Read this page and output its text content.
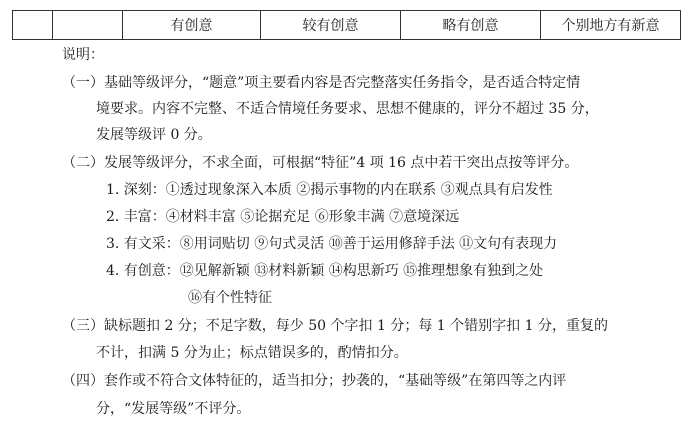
		有创意	较有创意	略有创意	个别地方有新意
说明：
（一）基础等级评分，“题意”项主要看内容是否完整落实任务指令，是否适合特定情
境要求。内容不完整、不适合情境任务要求、思想不健康的，评分不超过 35 分，
发展等级评 0 分。
（二）发展等级评分，不求全面，可根据“特征”4 项 16 点中若干突出点按等评分。
1. 深刻：①透过现象深入本质 ②揭示事物的内在联系 ③观点具有启发性
2. 丰富：④材料丰富 ⑤论据充足 ⑥形象丰满 ⑦意境深远
3. 有文采：⑧用词贴切 ⑨句式灵活 ⑩善于运用修辞手法 ⑪文句有表现力
4. 有创意：⑫见解新颖 ⑬材料新颖 ⑭构思新巧 ⑮推理想象有独到之处
⑯有个性特征
（三）缺标题扣 2 分；不足字数，每少 50 个字扣 1 分；每 1 个错别字扣 1 分，重复的
不计，扣满 5 分为止；标点错误多的，酌情扣分。
（四）套作或不符合文体特征的，适当扣分；抄袭的，“基础等级”在第四等之内评
分，“发展等级”不评分。
